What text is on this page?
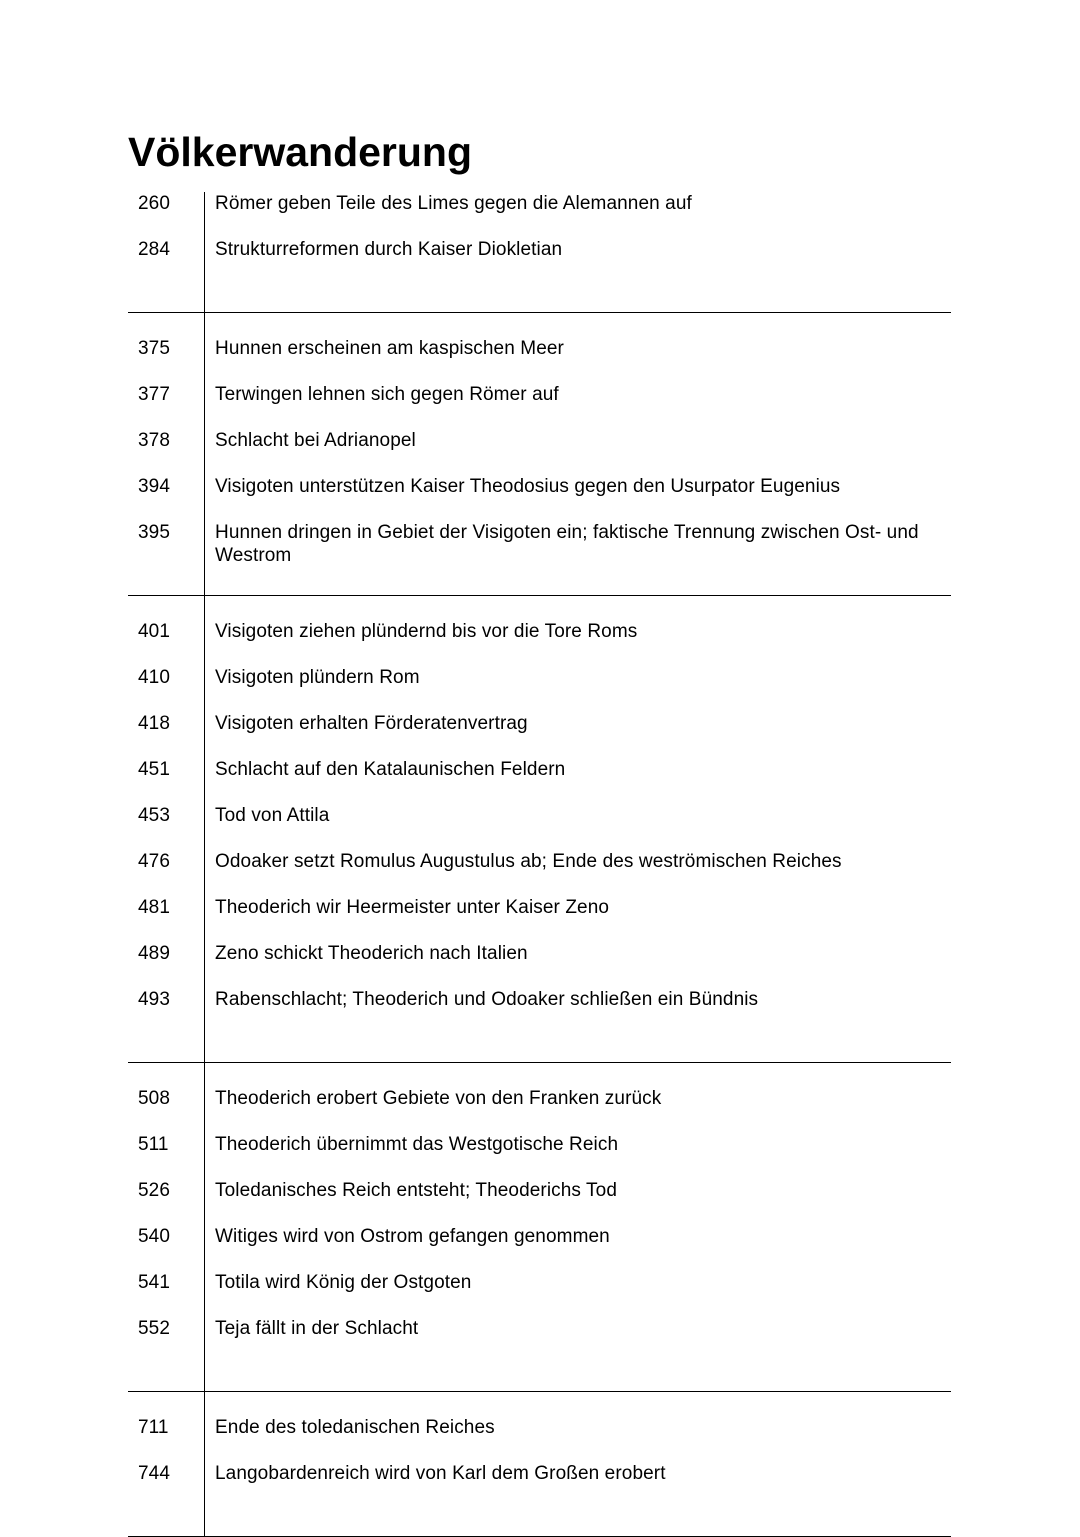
Völkerwanderung
260	Römer geben Teile des Limes gegen die Alemannen auf
284	Strukturreformen durch Kaiser Diokletian
375	Hunnen erscheinen am kaspischen Meer
377	Terwingen lehnen sich gegen Römer auf
378	Schlacht bei Adrianopel
394	Visigoten unterstützen Kaiser Theodosius gegen den Usurpator Eugenius
395	Hunnen dringen in Gebiet der Visigoten ein; faktische Trennung zwischen Ost- und Westrom
401	Visigoten ziehen plündernd bis vor die Tore Roms
410	Visigoten plündern Rom
418	Visigoten erhalten Förderatenvertrag
451	Schlacht auf den Katalaunischen Feldern
453	Tod von Attila
476	Odoaker setzt Romulus Augustulus ab; Ende des weströmischen Reiches
481	Theoderich wir Heermeister unter Kaiser Zeno
489	Zeno schickt Theoderich nach Italien
493	Rabenschlacht; Theoderich und Odoaker schließen ein Bündnis
508	Theoderich erobert Gebiete von den Franken zurück
511	Theoderich übernimmt das Westgotische Reich
526	Toledanisches Reich entsteht; Theoderichs Tod
540	Witiges wird von Ostrom gefangen genommen
541	Totila wird König der Ostgoten
552	Teja fällt in der Schlacht
711	Ende des toledanischen Reiches
744	Langobardenreich wird von Karl dem Großen erobert
